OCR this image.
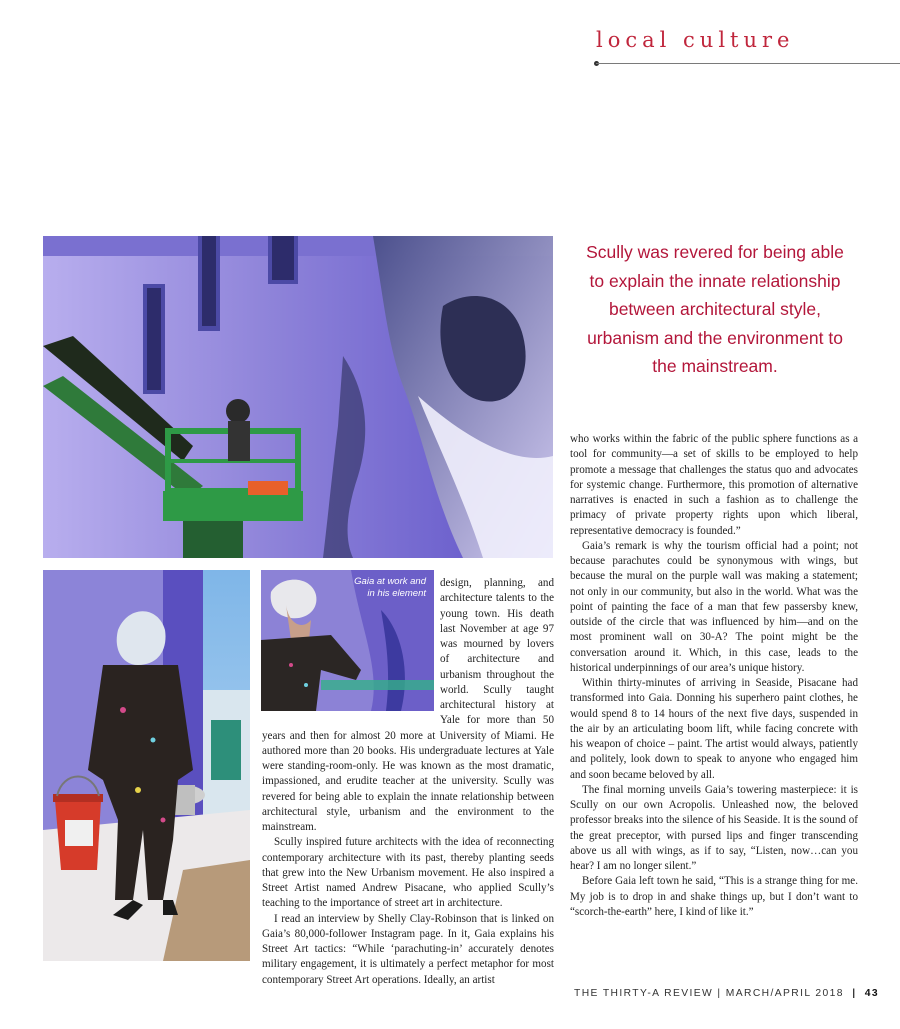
local culture
Gaia at work and
in his element
Scully was revered for being able to explain the innate relationship between architectural style, urbanism and the environment to the mainstream.

design, planning, and architecture talents to the young town. His death last November at age 97 was mourned by lovers of architecture and urbanism throughout the world. Scully taught architectural history at Yale for more than 50 years and then for almost 20 more at University of Miami. He authored more than 20 books. His undergraduate lectures at Yale were standing-room-only. He was known as the most dramatic, impassioned, and erudite teacher at the university. Scully was revered for being able to explain the innate relationship between architectural style, urbanism and the environment to the mainstream.

Scully inspired future architects with the idea of reconnecting contemporary architecture with its past, thereby planting seeds that grew into the New Urbanism movement. He also inspired a Street Artist named Andrew Pisacane, who applied Scully’s teaching to the importance of street art in architecture.

I read an interview by Shelly Clay-Robinson that is linked on Gaia’s 80,000-follower Instagram page. In it, Gaia explains his Street Art tactics: “While ‘parachuting-in’ accurately denotes military engagement, it is ultimately a perfect metaphor for most contemporary Street Art operations. Ideally, an artist

who works within the fabric of the public sphere functions as a tool for community—a set of skills to be employed to help promote a message that challenges the status quo and advocates for systemic change. Furthermore, this promotion of alternative narratives is enacted in such a fashion as to challenge the primacy of private property rights upon which liberal, representative democracy is founded.”

Gaia’s remark is why the tourism official had a point; not because parachutes could be synonymous with wings, but because the mural on the purple wall was making a statement; not only in our community, but also in the world. What was the point of painting the face of a man that few passersby knew, outside of the circle that was influenced by him—and on the most prominent wall on 30-A? The point might be the conversation around it. Which, in this case, leads to the historical underpinnings of our area’s unique history.

Within thirty-minutes of arriving in Seaside, Pisacane had transformed into Gaia. Donning his superhero paint clothes, he would spend 8 to 14 hours of the next five days, suspended in the air by an articulating boom lift, while facing concrete with his weapon of choice – paint. The artist would always, patiently and politely, look down to speak to anyone who engaged him and soon became beloved by all.

The final morning unveils Gaia’s towering masterpiece: it is Scully on our own Acropolis. Unleashed now, the beloved professor breaks into the silence of his Seaside. It is the sound of the great preceptor, with pursed lips and finger transcending above us all with wings, as if to say, “Listen, now…can you hear? I am no longer silent.”

Before Gaia left town he said, “This is a strange thing for me. My job is to drop in and shake things up, but I don’t want to “scorch-the-earth” here, I kind of like it.”

THE THIRTY-A REVIEW | MARCH/APRIL 2018 | 43
